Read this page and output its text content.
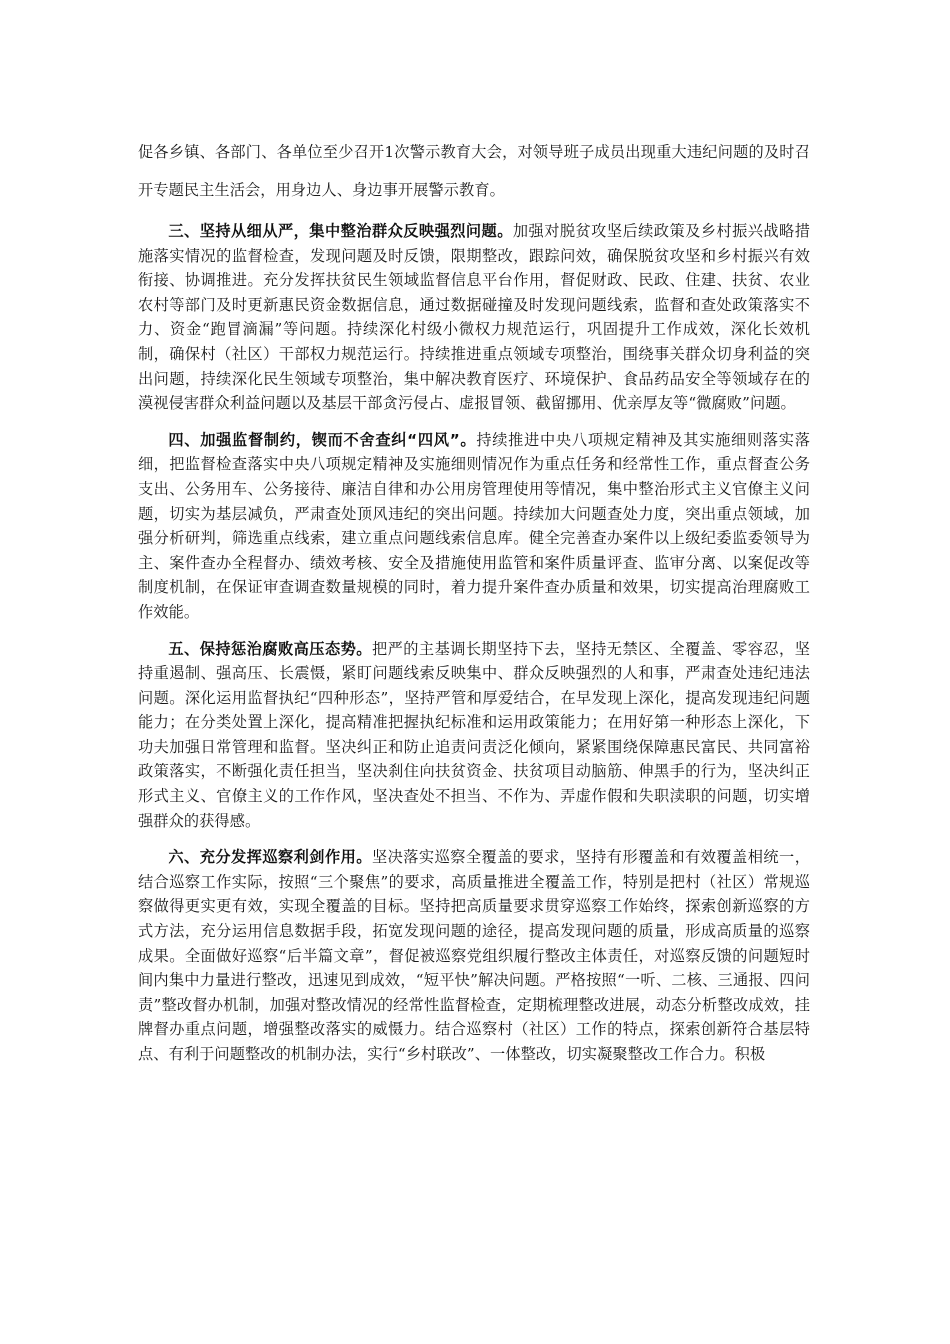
促各乡镇、各部门、各单位至少召开1次警示教育大会，对领导班子成员出现重大违纪问题的及时召开专题民主生活会，用身边人、身边事开展警示教育。

三、坚持从细从严，集中整治群众反映强烈问题。加强对脱贫攻坚后续政策及乡村振兴战略措施落实情况的监督检查，发现问题及时反馈，限期整改，跟踪问效，确保脱贫攻坚和乡村振兴有效衔接、协调推进。充分发挥扶贫民生领域监督信息平台作用，督促财政、民政、住建、扶贫、农业农村等部门及时更新惠民资金数据信息，通过数据碰撞及时发现问题线索，监督和查处政策落实不力、资金“跑冒滴漏”等问题。持续深化村级小微权力规范运行，巩固提升工作成效，深化长效机制，确保村（社区）干部权力规范运行。持续推进重点领域专项整治，围绕事关群众切身利益的突出问题，持续深化民生领域专项整治，集中解决教育医疗、环境保护、食品药品安全等领域存在的漠视侵害群众利益问题以及基层干部贪污侵占、虚报冒领、截留挪用、优亲厚友等“微腐败”问题。

四、加强监督制约，锲而不舍查纠“四风”。持续推进中央八项规定精神及其实施细则落实落细，把监督检查落实中央八项规定精神及实施细则情况作为重点任务和经常性工作，重点督查公务支出、公务用车、公务接待、廉洁自律和办公用房管理使用等情况，集中整治形式主义官僚主义问题，切实为基层减负，严肃查处顶风违纪的突出问题。持续加大问题查处力度，突出重点领域，加强分析研判，筛选重点线索，建立重点问题线索信息库。健全完善查办案件以上级纪委监委领导为主、案件查办全程督办、绩效考核、安全及措施使用监管和案件质量评查、监审分离、以案促改等制度机制，在保证审查调查数量规模的同时，着力提升案件查办质量和效果，切实提高治理腐败工作效能。

五、保持惩治腐败高压态势。把严的主基调长期坚持下去，坚持无禁区、全覆盖、零容忍，坚持重遏制、强高压、长震慑，紧盯问题线索反映集中、群众反映强烈的人和事，严肃查处违纪违法问题。深化运用监督执纪“四种形态”，坚持严管和厚爱结合，在早发现上深化，提高发现违纪问题能力；在分类处置上深化，提高精准把握执纪标准和运用政策能力；在用好第一种形态上深化，下功夫加强日常管理和监督。坚决纠正和防止追责问责泛化倾向，紧紧围绕保障惠民富民、共同富裕政策落实，不断强化责任担当，坚决刹住向扶贫资金、扶贫项目动脑筋、伸黑手的行为，坚决纠正形式主义、官僚主义的工作作风，坚决查处不担当、不作为、弄虚作假和失职渎职的问题，切实增强群众的获得感。

六、充分发挥巡察利剑作用。坚决落实巡察全覆盖的要求，坚持有形覆盖和有效覆盖相统一，结合巡察工作实际，按照“三个聚焦”的要求，高质量推进全覆盖工作，特别是把村（社区）常规巡察做得更实更有效，实现全覆盖的目标。坚持把高质量要求贯穿巡察工作始终，探索创新巡察的方式方法，充分运用信息数据手段，拓宽发现问题的途径，提高发现问题的质量，形成高质量的巡察成果。全面做好巡察“后半篇文章”，督促被巡察党组织履行整改主体责任，对巡察反馈的问题短时间内集中力量进行整改，迅速见到成效，“短平快”解决问题。严格按照“一听、二核、三通报、四问责”整改督办机制，加强对整改情况的经常性监督检查，定期梳理整改进展，动态分析整改成效，挂牌督办重点问题，增强整改落实的威慑力。结合巡察村（社区）工作的特点，探索创新符合基层特点、有利于问题整改的机制办法，实行“乡村联改”、一体整改，切实凝聚整改工作合力。积极
